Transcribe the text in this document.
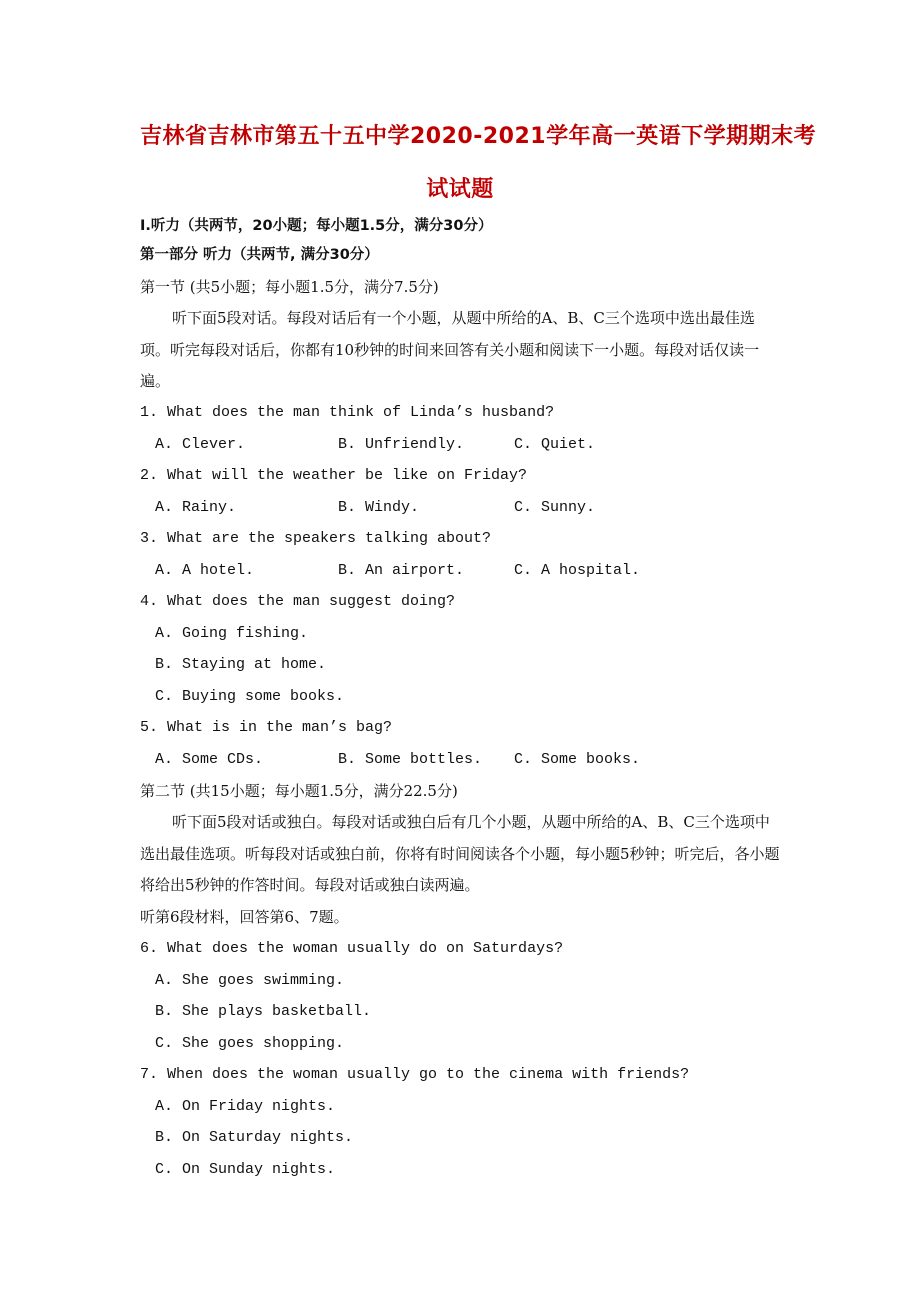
吉林省吉林市第五十五中学2020-2021学年高一英语下学期期末考
试试题
I.听力（共两节，20小题；每小题1.5分，满分30分）
第一部分 听力（共两节, 满分30分）
第一节 (共5小题；每小题1.5分，满分7.5分)
听下面5段对话。每段对话后有一个小题，从题中所给的A、B、C三个选项中选出最佳选项。听完每段对话后，你都有10秒钟的时间来回答有关小题和阅读下一小题。每段对话仅读一遍。
1. What does the man think of Linda’s husband?
A. Clever.	B. Unfriendly.	C. Quiet.
2. What will the weather be like on Friday?
A. Rainy.	B. Windy.	C. Sunny.
3. What are the speakers talking about?
A. A hotel.	B. An airport.	C. A hospital.
4. What does the man suggest doing?
A. Going fishing.
B. Staying at home.
C. Buying some books.
5. What is in the man’s bag?
A. Some CDs.	B. Some bottles. C. Some books.
第二节 (共15小题；每小题1.5分，满分22.5分)
听下面5段对话或独白。每段对话或独白后有几个小题，从题中所给的A、B、C三个选项中选出最佳选项。听每段对话或独白前，你将有时间阅读各个小题，每小题5秒钟；听完后，各小题将给出5秒钟的作答时间。每段对话或独白读两遍。
听第6段材料，回答第6、7题。
6. What does the woman usually do on Saturdays?
A. She goes swimming.
B. She plays basketball.
C. She goes shopping.
7. When does the woman usually go to the cinema with friends?
A. On Friday nights.
B. On Saturday nights.
C. On Sunday nights.
